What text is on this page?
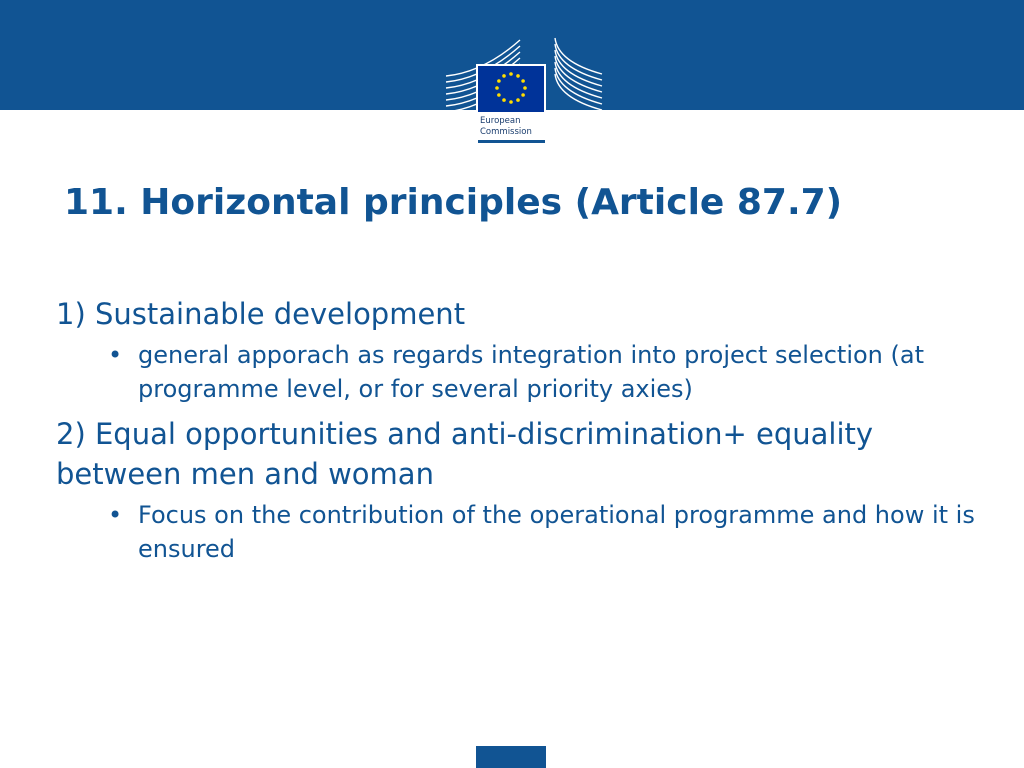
European
Commission
11. Horizontal principles (Article 87.7)
1) Sustainable development
• general apporach as regards integration into project selection (at programme level, or for several priority axies)
2) Equal opportunities and anti-discrimination+ equality between men and woman
• Focus on the contribution of the operational programme and how it is ensured
